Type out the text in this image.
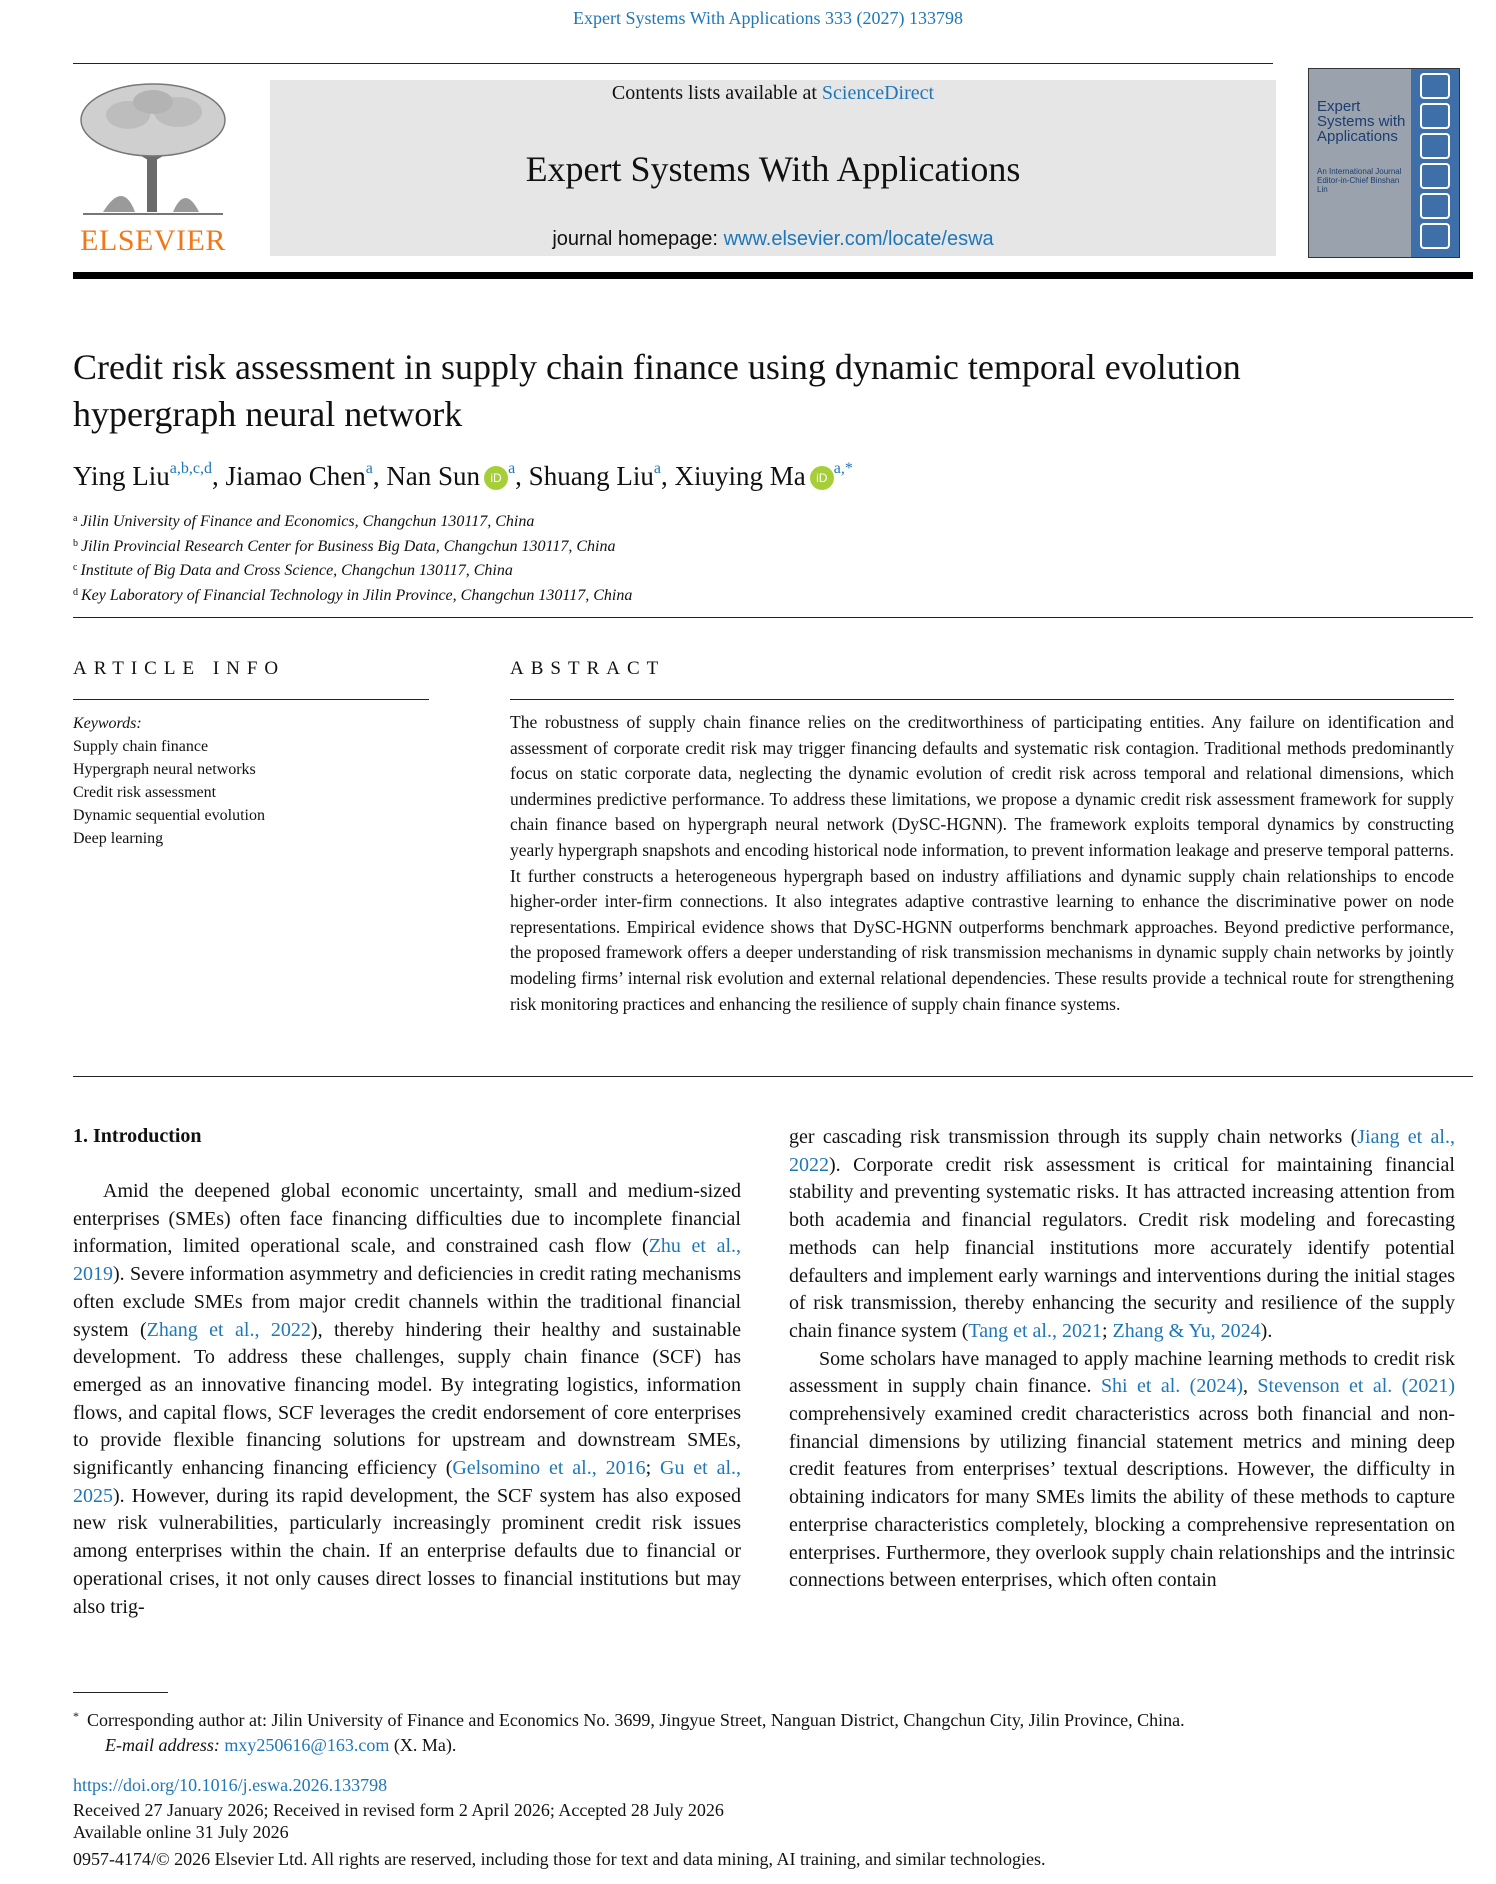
Expert Systems With Applications 333 (2027) 133798
ELSEVIER
Contents lists available at ScienceDirect
Expert Systems With Applications
journal homepage: www.elsevier.com/locate/eswa
Expert Systems with Applications
An International Journal
Editor-in-Chief Binshan Lin
Credit risk assessment in supply chain finance using dynamic temporal evolution hypergraph neural network
Ying Liu$^{a,b,c,d}$, Jiamao Chen$^a$, Nan Sun $iD^a$, Shuang Liu$^a$, Xiuying Ma $iD^{a,*}$
$^a$ Jilin University of Finance and Economics, Changchun 130117, China
$^b$ Jilin Provincial Research Center for Business Big Data, Changchun 130117, China
$^c$ Institute of Big Data and Cross Science, Changchun 130117, China
$^d$ Key Laboratory of Financial Technology in Jilin Province, Changchun 130117, China
ARTICLE INFO
Keywords:
Supply chain finance
Hypergraph neural networks
Credit risk assessment
Dynamic sequential evolution
Deep learning
ABSTRACT
The robustness of supply chain finance relies on the creditworthiness of participating entities. Any failure on identification and assessment of corporate credit risk may trigger financing defaults and systematic risk contagion. Traditional methods predominantly focus on static corporate data, neglecting the dynamic evolution of credit risk across temporal and relational dimensions, which undermines predictive performance. To address these limitations, we propose a dynamic credit risk assessment framework for supply chain finance based on hypergraph neural network (DySC-HGNN). The framework exploits temporal dynamics by constructing yearly hypergraph snapshots and encoding historical node information, to prevent information leakage and preserve temporal patterns. It further constructs a heterogeneous hypergraph based on industry affiliations and dynamic supply chain relationships to encode higher-order inter-firm connections. It also integrates adaptive contrastive learning to enhance the discriminative power on node representations. Empirical evidence shows that DySC-HGNN outperforms benchmark approaches. Beyond predictive performance, the proposed framework offers a deeper understanding of risk transmission mechanisms in dynamic supply chain networks by jointly modeling firms’ internal risk evolution and external relational dependencies. These results provide a technical route for strengthening risk monitoring practices and enhancing the resilience of supply chain finance systems.
1. Introduction

Amid the deepened global economic uncertainty, small and medium-sized enterprises (SMEs) often face financing difficulties due to incomplete financial information, limited operational scale, and constrained cash flow (Zhu et al., 2019). Severe information asymmetry and deficiencies in credit rating mechanisms often exclude SMEs from major credit channels within the traditional financial system (Zhang et al., 2022), thereby hindering their healthy and sustainable development. To address these challenges, supply chain finance (SCF) has emerged as an innovative financing model. By integrating logistics, information flows, and capital flows, SCF leverages the credit endorsement of core enterprises to provide flexible financing solutions for upstream and downstream SMEs, significantly enhancing financing efficiency (Gelsomino et al., 2016; Gu et al., 2025). However, during its rapid development, the SCF system has also exposed new risk vulnerabilities, particularly increasingly prominent credit risk issues among enterprises within the chain. If an enterprise defaults due to financial or operational crises, it not only causes direct losses to financial institutions but may also trig-

ger cascading risk transmission through its supply chain networks (Jiang et al., 2022). Corporate credit risk assessment is critical for maintaining financial stability and preventing systematic risks. It has attracted increasing attention from both academia and financial regulators. Credit risk modeling and forecasting methods can help financial institutions more accurately identify potential defaulters and implement early warnings and interventions during the initial stages of risk transmission, thereby enhancing the security and resilience of the supply chain finance system (Tang et al., 2021; Zhang & Yu, 2024).

Some scholars have managed to apply machine learning methods to credit risk assessment in supply chain finance. Shi et al. (2024), Stevenson et al. (2021) comprehensively examined credit characteristics across both financial and non-financial dimensions by utilizing financial statement metrics and mining deep credit features from enterprises’ textual descriptions. However, the difficulty in obtaining indicators for many SMEs limits the ability of these methods to capture enterprise characteristics completely, blocking a comprehensive representation on enterprises. Furthermore, they overlook supply chain relationships and the intrinsic connections between enterprises, which often contain

* Corresponding author at: Jilin University of Finance and Economics No. 3699, Jingyue Street, Nanguan District, Changchun City, Jilin Province, China.
E-mail address: mxy250616@163.com (X. Ma).
https://doi.org/10.1016/j.eswa.2026.133798
Received 27 January 2026; Received in revised form 2 April 2026; Accepted 28 July 2026
Available online 31 July 2026
0957-4174/© 2026 Elsevier Ltd. All rights are reserved, including those for text and data mining, AI training, and similar technologies.
